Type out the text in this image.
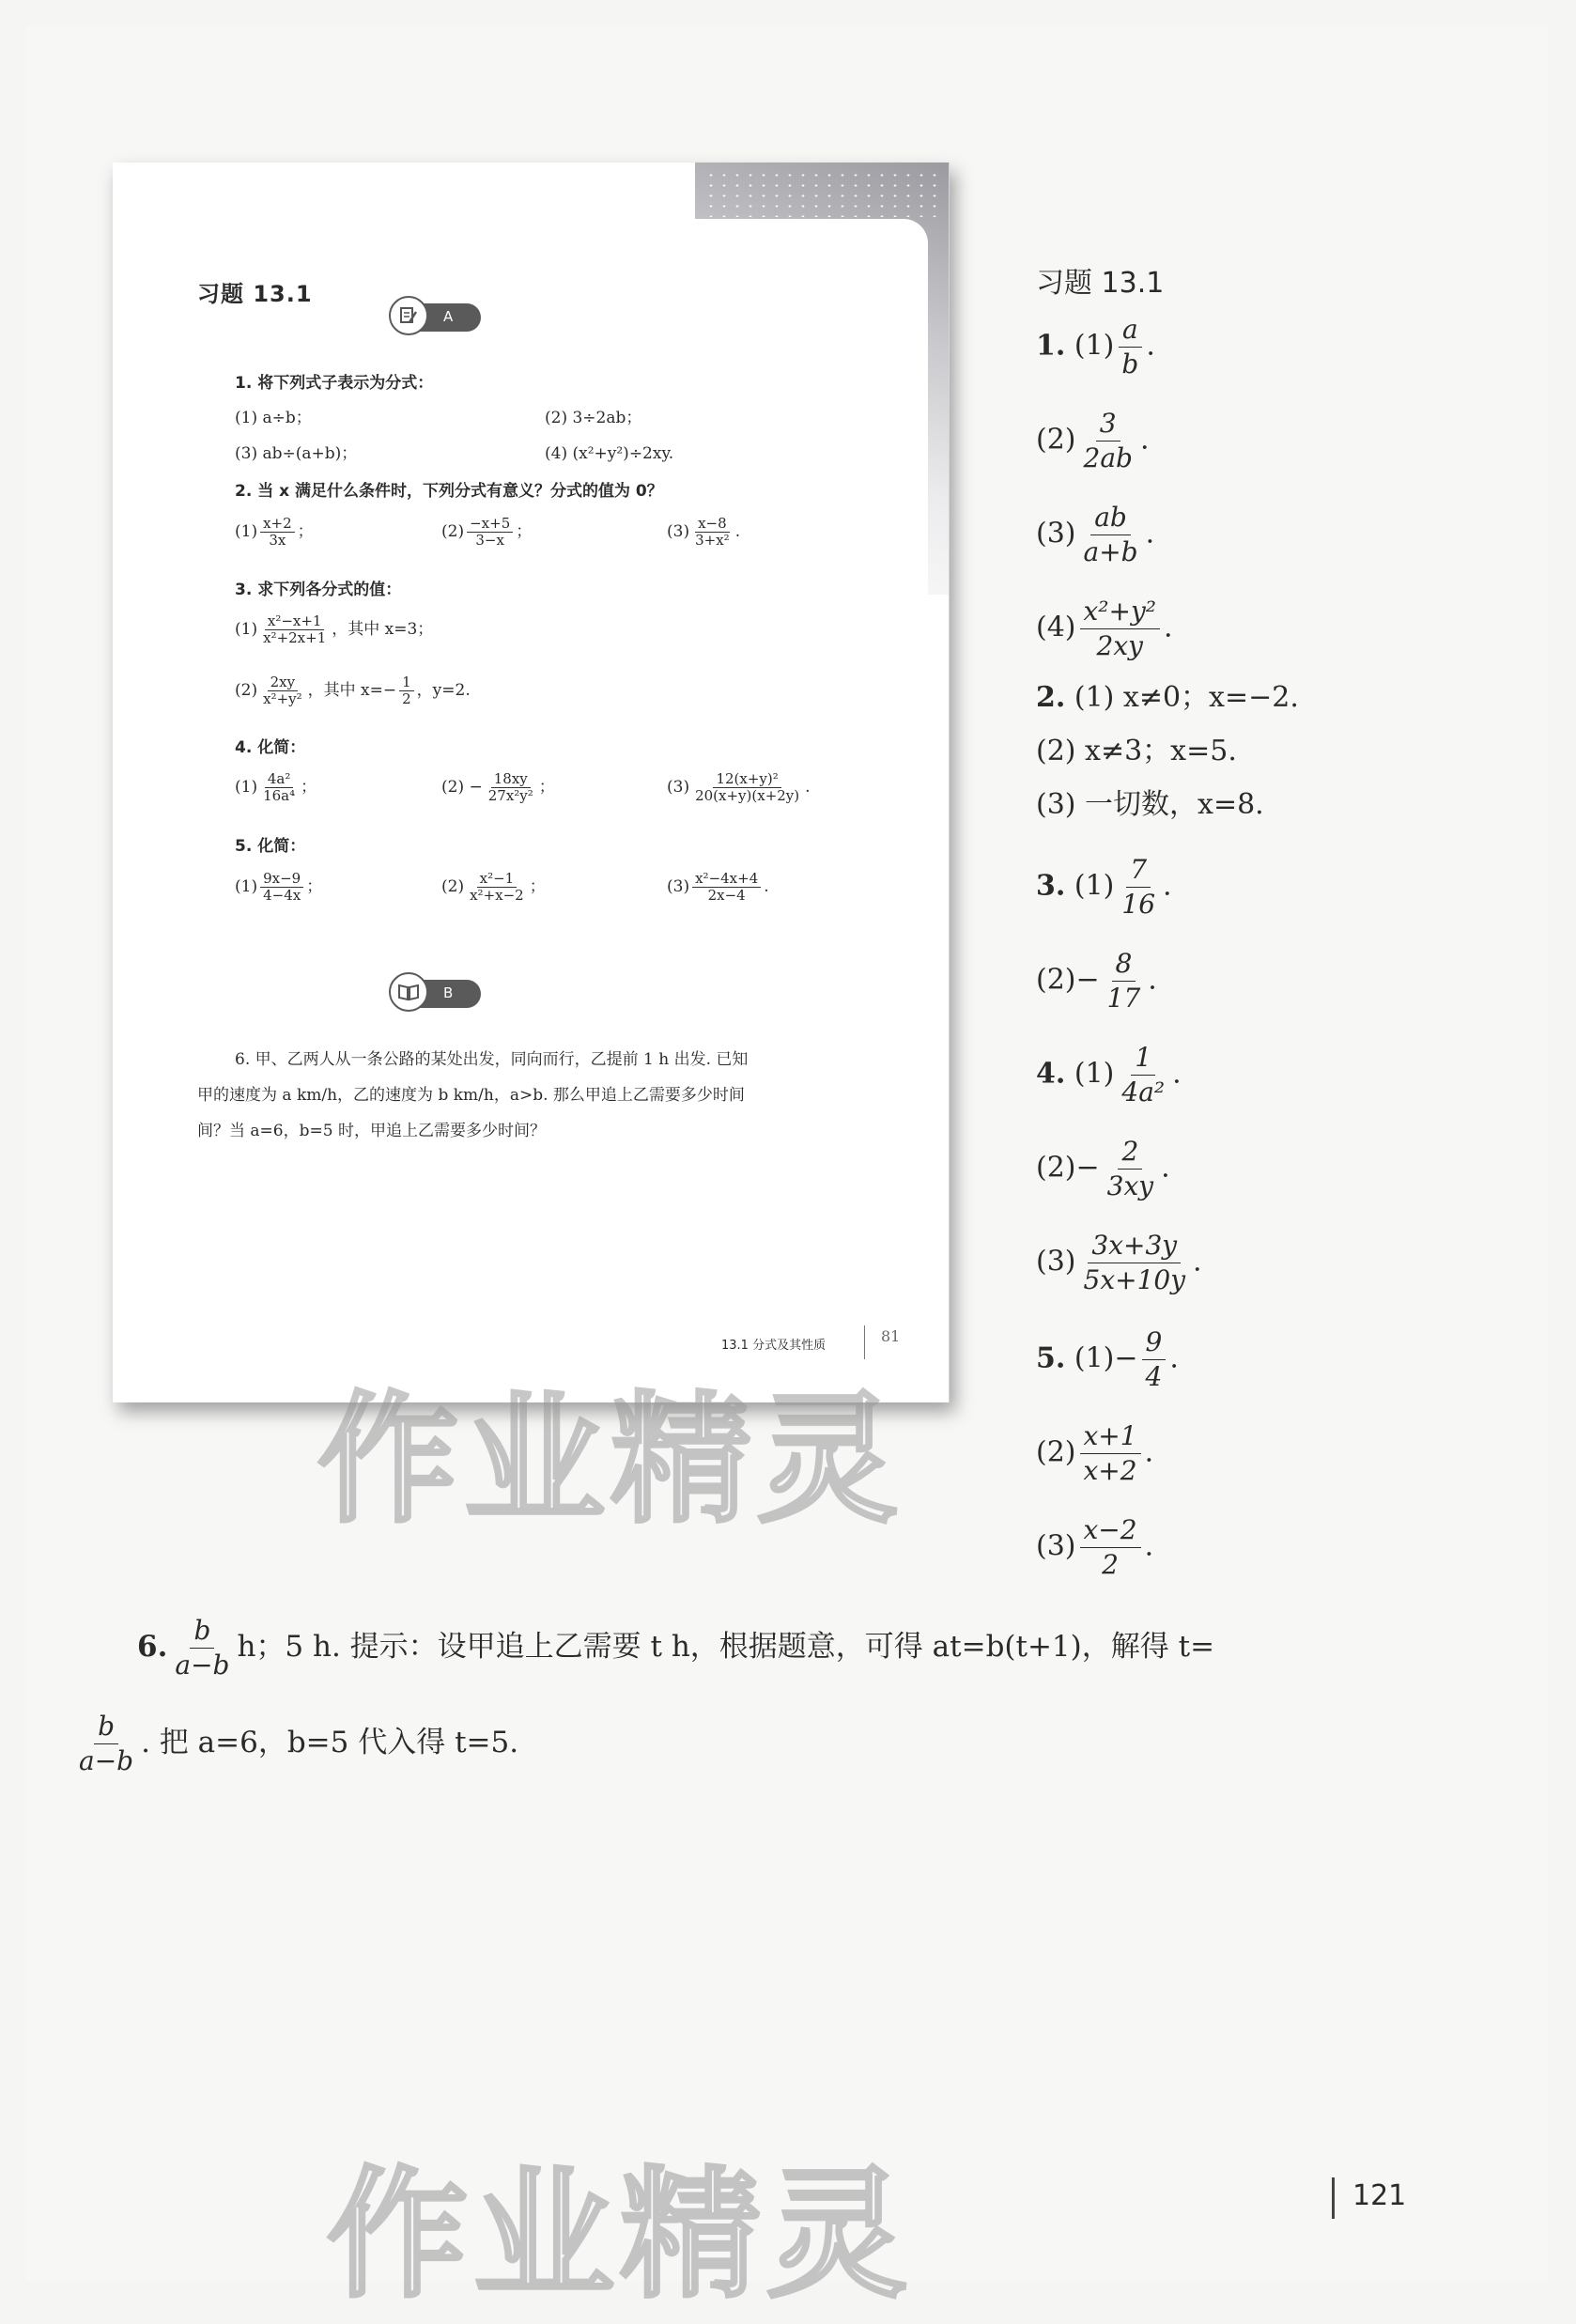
习题 13.1
A
1. 将下列式子表示为分式：
(1) a÷b；	(2) 3÷2ab；
(3) ab÷(a+b)；	(4) (x²+y²)÷2xy.
2. 当 x 满足什么条件时，下列分式有意义？分式的值为 0？
$(1) \frac{x+2}{3x}$ ；	$(2) \frac{-x+5}{3-x}$ ；	$(3) \frac{x-8}{\text{3+x²}}$ .
3. 求下列各分式的值：
$(1) \frac{\text{x²−x+1}}{\text{x²+2x+1}}$ ，其中 x=3；
$(2) \frac{2xy}{\text{x²+y²}}$ ，其中 $x=- \frac{1}{2}$ ，y=2.
4. 化简：
$(1) \frac{\text{4a²}}{\text{16a⁴}}$ ；	$(2) - \frac{18xy}{\text{27x²y²}}$ ；	$(3) \frac{\text{12(x+y)²}}{20(x+y)(x+2y)}$ .
5. 化简：
$(1) \frac{9x-9}{4-4x}$ ；	$(2) \frac{\text{x²−1}}{\text{x²+x−2}}$ ；	$(3) \frac{\text{x²−4x+4}}{2x-4}$ .
B
6. 甲、乙两人从一条公路的某处出发，同向而行，乙提前 1 h 出发. 已知
甲的速度为 a km/h，乙的速度为 b km/h，a>b. 那么甲追上乙需要多少时间
间？当 a=6，b=5 时，甲追上乙需要多少时间？
13.1 分式及其性质
81
习题 13.1
1. $(1) \frac{a}{b}$ .
$(2) \frac{3}{2ab}$ .
$(3) \frac{ab}{a+b}$ .
$(4) \frac{\text{x²+y²}}{2xy}$ .
2. (1) x≠0；x=−2.
(2) x≠3；x=5.
(3) 一切数，x=8.
3. $(1) \frac{7}{16}$ .
$(2)- \frac{8}{17}$ .
4. $(1) \frac{1}{\text{4a²}}$ .
$(2)- \frac{2}{3xy}$ .
$(3) \frac{3x+3y}{5x+10y}$ .
5. $(1)- \frac{9}{4}$ .
$(2) \frac{x+1}{x+2}$ .
$(3) \frac{x-2}{2}$ .
6. $\frac{b}{a-b}$ h；5 h. 提示：设甲追上乙需要 t h，根据题意，可得 at=b(t+1)，解得 t=
$\frac{b}{a-b}$ . 把 a=6，b=5 代入得 t=5.
作业精灵
作业精灵	121
